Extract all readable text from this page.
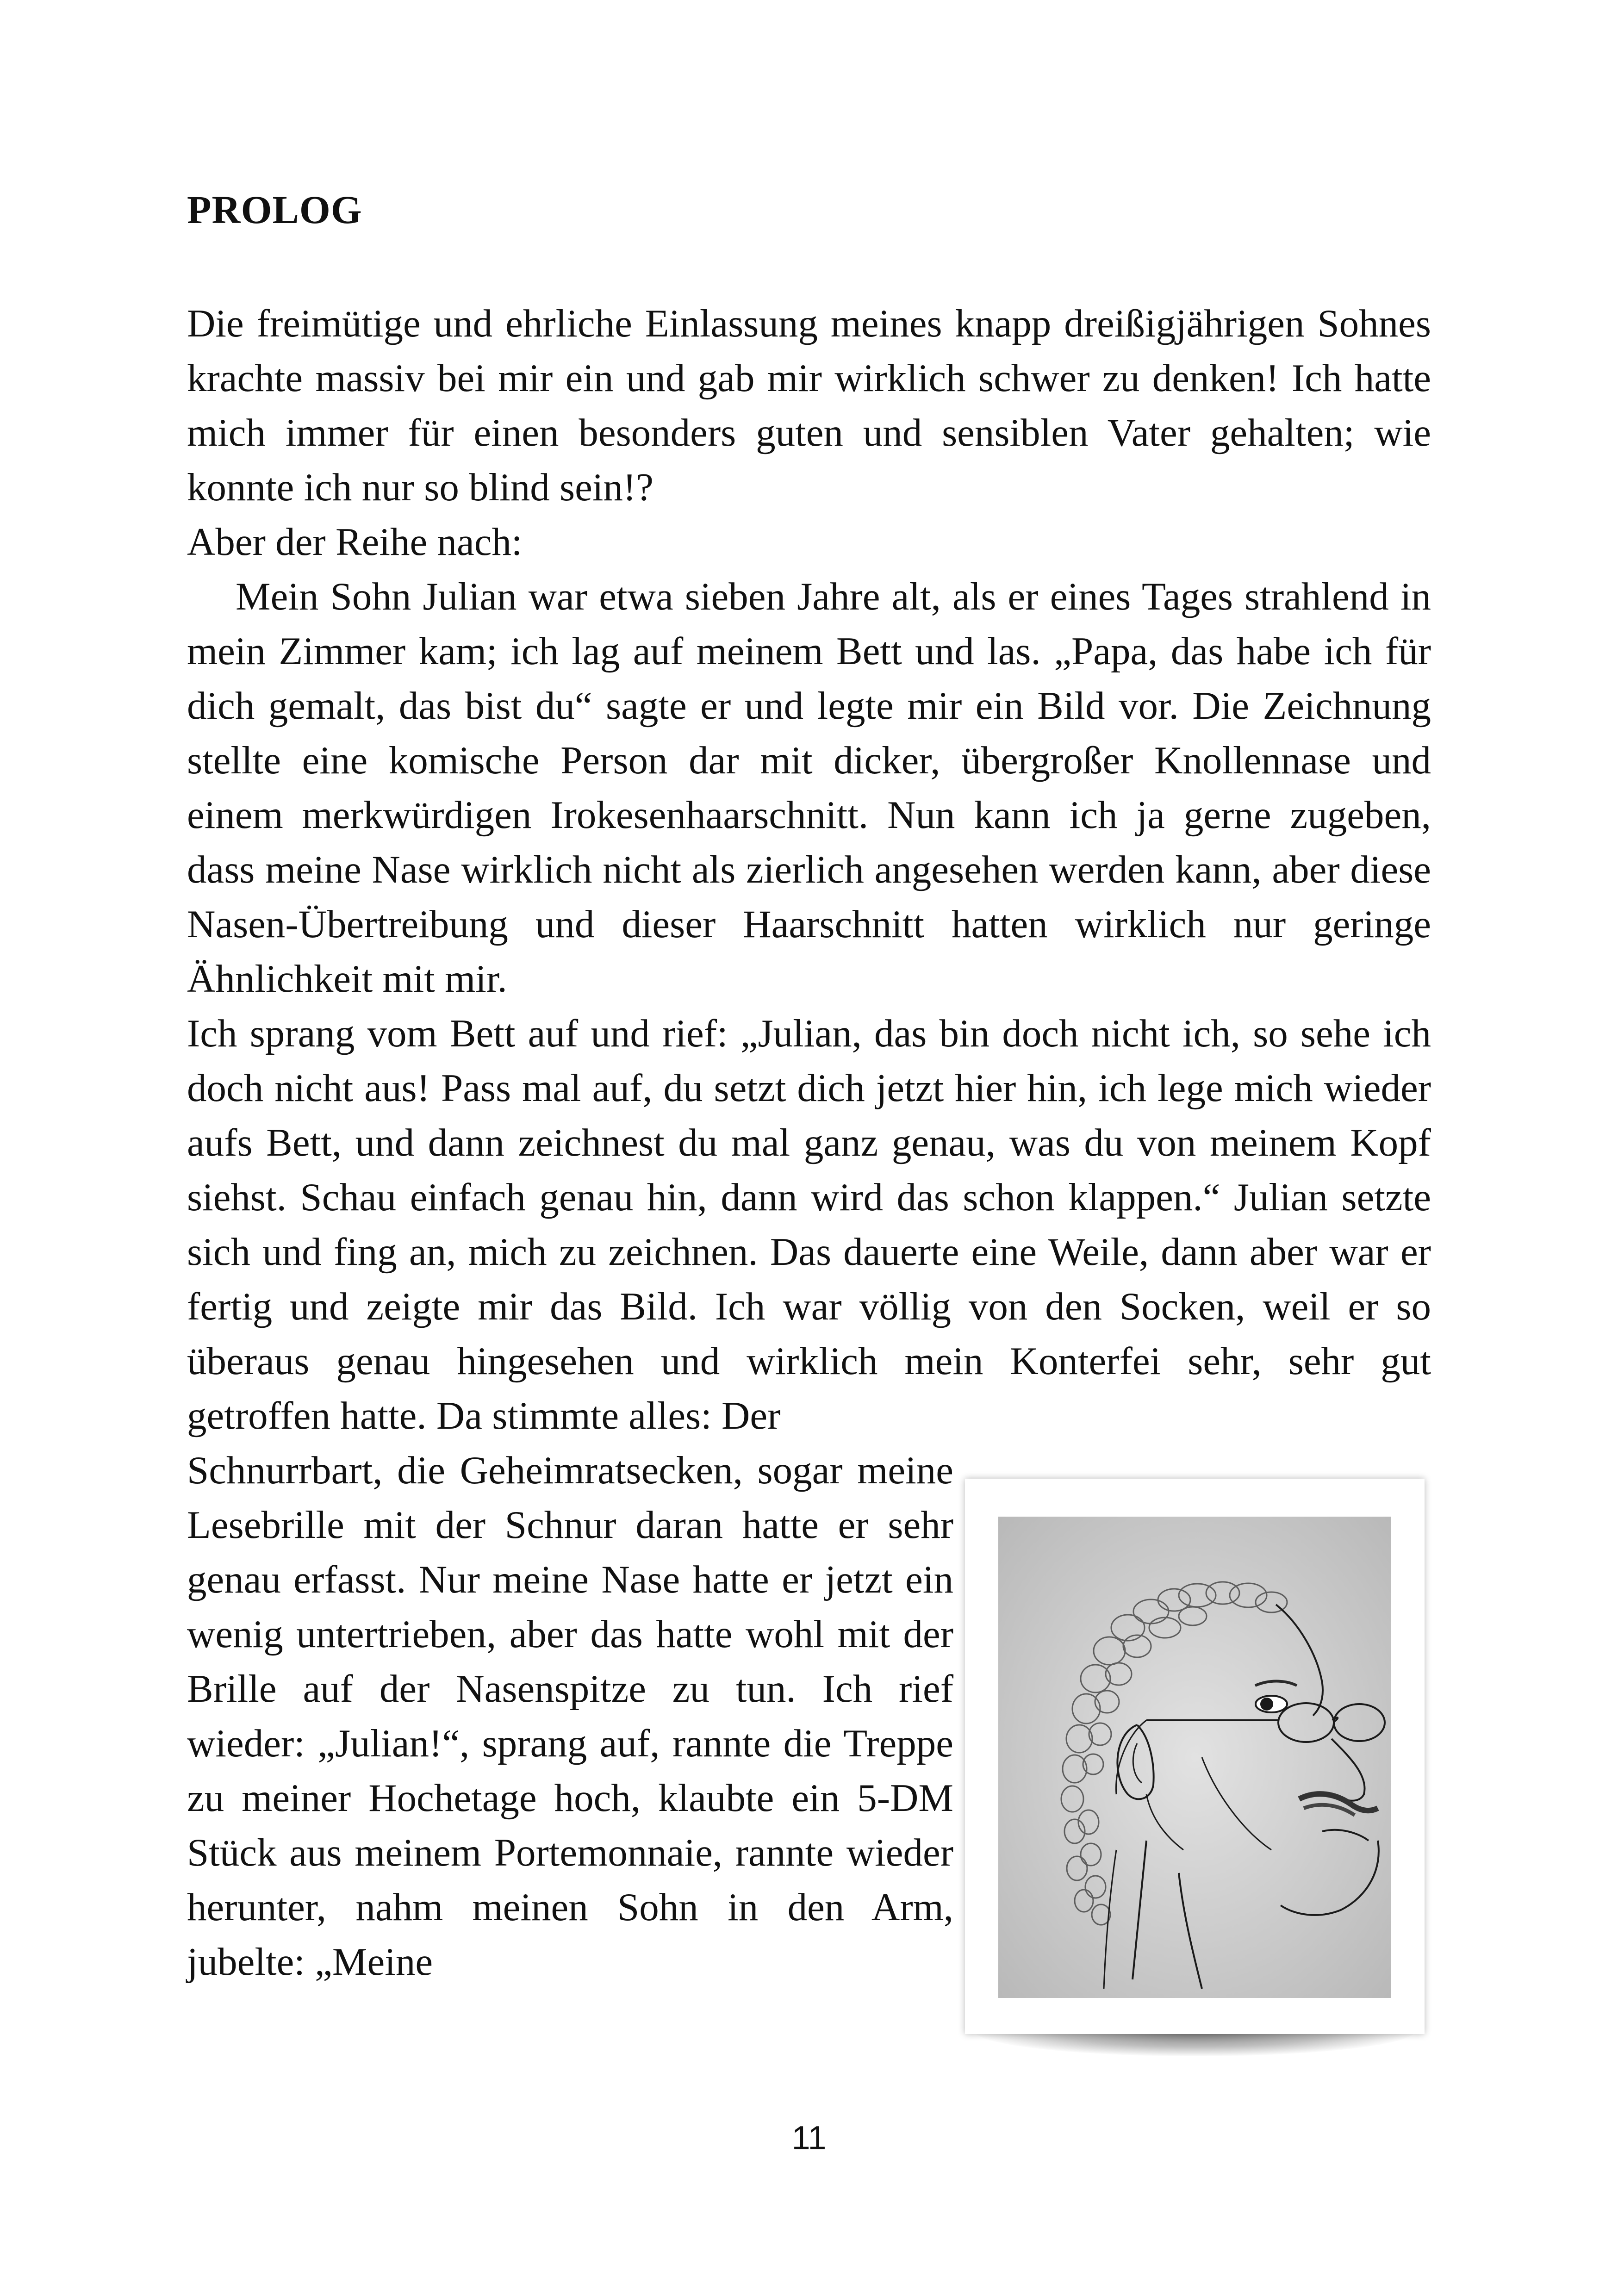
PROLOG

Die freimütige und ehrliche Einlassung meines knapp dreißigjährigen Sohnes krachte massiv bei mir ein und gab mir wirklich schwer zu denken! Ich hatte mich immer für einen besonders guten und sensiblen Vater gehalten; wie konnte ich nur so blind sein!?

Aber der Reihe nach:

Mein Sohn Julian war etwa sieben Jahre alt, als er eines Tages strahlend in mein Zimmer kam; ich lag auf meinem Bett und las. „Papa, das habe ich für dich gemalt, das bist du“ sagte er und legte mir ein Bild vor. Die Zeichnung stellte eine komische Person dar mit dicker, übergroßer Knollennase und einem merkwürdigen Irokesenhaarschnitt. Nun kann ich ja gerne zugeben, dass meine Nase wirklich nicht als zierlich angesehen werden kann, aber diese Nasen-Übertreibung und dieser Haarschnitt hatten wirklich nur geringe Ähnlichkeit mit mir.

Ich sprang vom Bett auf und rief: „Julian, das bin doch nicht ich, so sehe ich doch nicht aus! Pass mal auf, du setzt dich jetzt hier hin, ich lege mich wieder aufs Bett, und dann zeichnest du mal ganz genau, was du von meinem Kopf siehst. Schau einfach genau hin, dann wird das schon klappen.“ Julian setzte sich und fing an, mich zu zeichnen. Das dauerte eine Weile, dann aber war er fertig und zeigte mir das Bild. Ich war völlig von den Socken, weil er so überaus genau hingesehen und wirklich mein Konterfei sehr, sehr gut getroffen hatte. Da stimmte alles: Der

Schnurrbart, die Geheimratsecken, sogar meine Lesebrille mit der Schnur daran hatte er sehr genau erfasst. Nur meine Nase hatte er jetzt ein wenig untertrieben, aber das hatte wohl mit der Brille auf der Nasenspitze zu tun. Ich rief wieder: „Julian!“, sprang auf, rannte die Treppe zu meiner Hochetage hoch, klaubte ein 5-DM Stück aus meinem Portemonnaie, rannte wieder herunter, nahm meinen Sohn in den Arm, jubelte: „Meine

11
